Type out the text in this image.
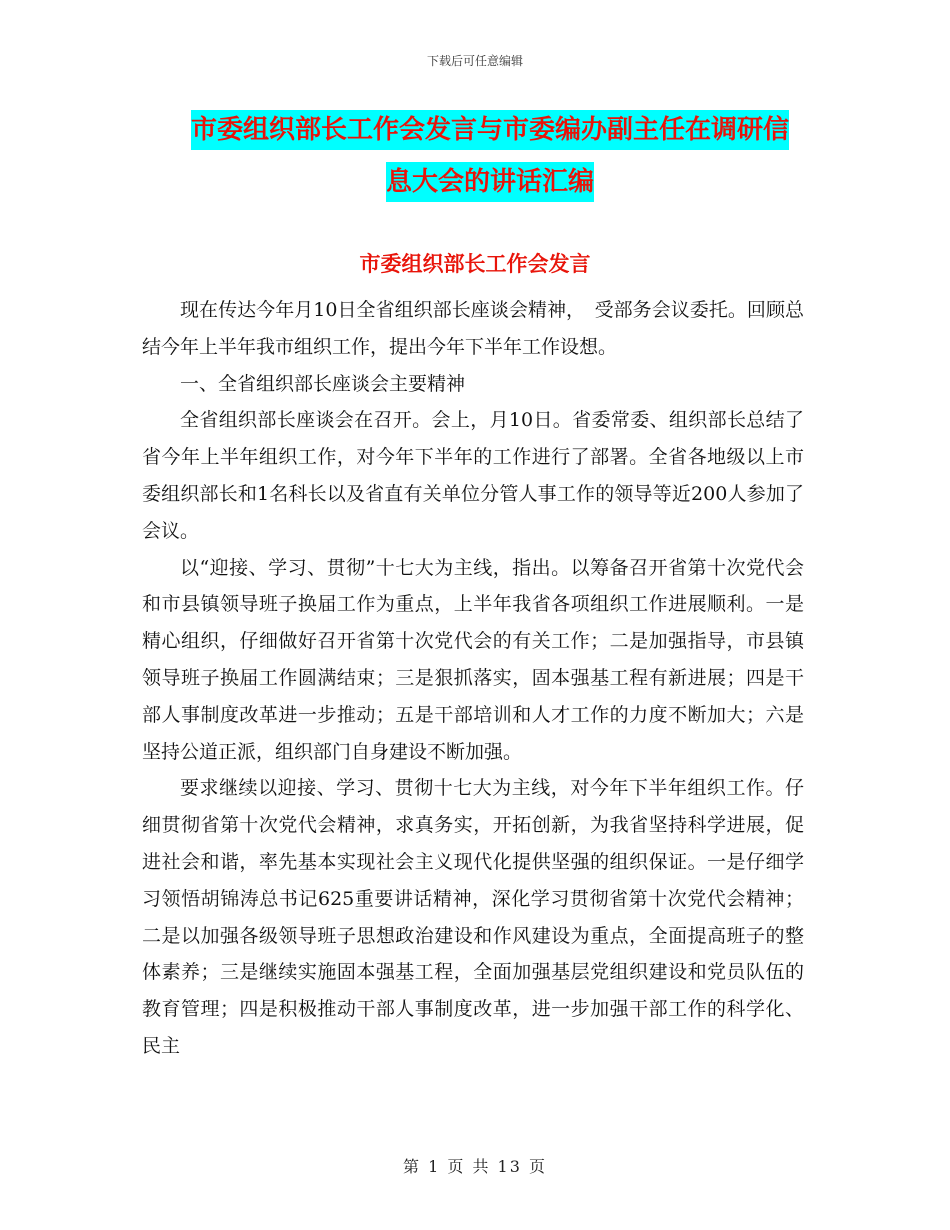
下载后可任意编辑
市委组织部长工作会发言与市委编办副主任在调研信
息大会的讲话汇编
市委组织部长工作会发言

现在传达今年月10日全省组织部长座谈会精神，　受部务会议委托。回顾总结今年上半年我市组织工作，提出今年下半年工作设想。

一、全省组织部长座谈会主要精神

全省组织部长座谈会在召开。会上，月10日。省委常委、组织部长总结了省今年上半年组织工作，对今年下半年的工作进行了部署。全省各地级以上市委组织部长和1名科长以及省直有关单位分管人事工作的领导等近200人参加了会议。

以“迎接、学习、贯彻”十七大为主线，指出。以筹备召开省第十次党代会和市县镇领导班子换届工作为重点，上半年我省各项组织工作进展顺利。一是精心组织，仔细做好召开省第十次党代会的有关工作；二是加强指导，市县镇领导班子换届工作圆满结束；三是狠抓落实，固本强基工程有新进展；四是干部人事制度改革进一步推动；五是干部培训和人才工作的力度不断加大；六是坚持公道正派，组织部门自身建设不断加强。

要求继续以迎接、学习、贯彻十七大为主线，对今年下半年组织工作。仔细贯彻省第十次党代会精神，求真务实，开拓创新，为我省坚持科学进展，促进社会和谐，率先基本实现社会主义现代化提供坚强的组织保证。一是仔细学习领悟胡锦涛总书记625重要讲话精神，深化学习贯彻省第十次党代会精神；二是以加强各级领导班子思想政治建设和作风建设为重点，全面提高班子的整体素养；三是继续实施固本强基工程，全面加强基层党组织建设和党员队伍的教育管理；四是积极推动干部人事制度改革，进一步加强干部工作的科学化、民主

第 1 页 共 13 页
